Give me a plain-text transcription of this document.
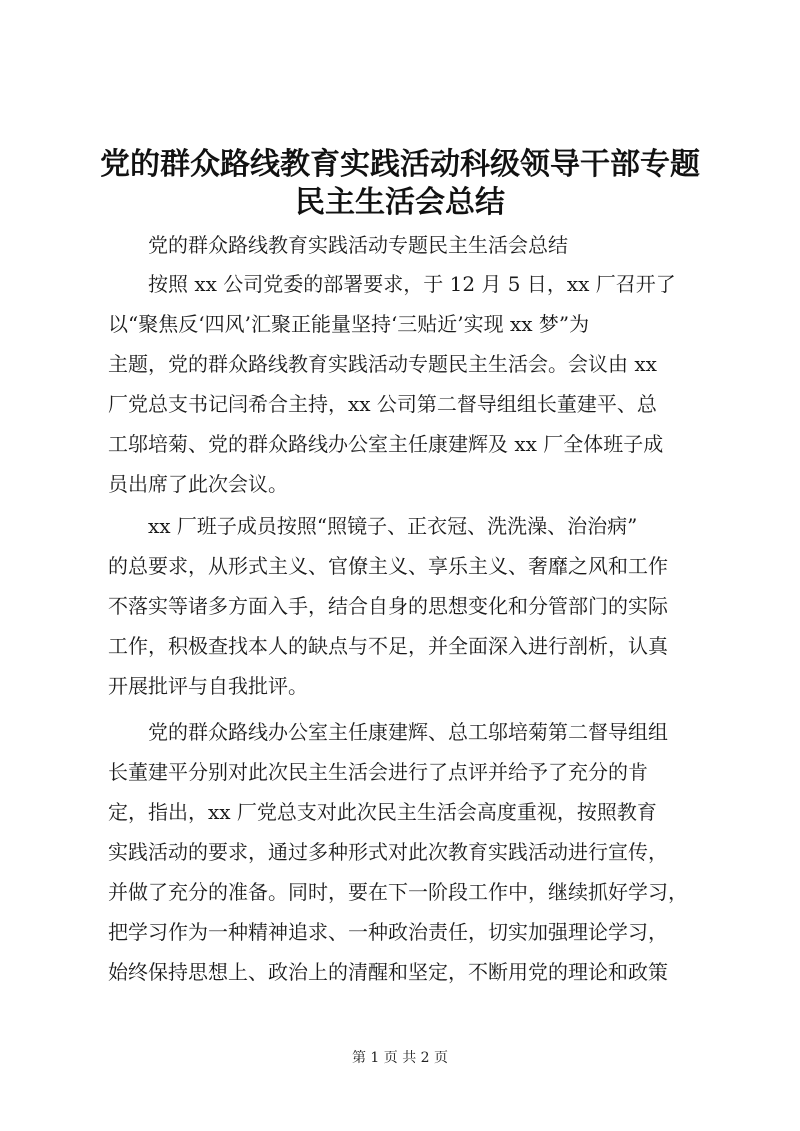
党的群众路线教育实践活动科级领导干部专题
民主生活会总结

党的群众路线教育实践活动专题民主生活会总结

按照 xx 公司党委的部署要求，于 12 月 5 日，xx 厂召开了
以“聚焦反‘四风’汇聚正能量坚持‘三贴近’实现 xx 梦”为
主题，党的群众路线教育实践活动专题民主生活会。会议由 xx
厂党总支书记闫希合主持，xx 公司第二督导组组长董建平、总
工邬培菊、党的群众路线办公室主任康建辉及 xx 厂全体班子成
员出席了此次会议。

xx 厂班子成员按照“照镜子、正衣冠、洗洗澡、治治病”
的总要求，从形式主义、官僚主义、享乐主义、奢靡之风和工作
不落实等诸多方面入手，结合自身的思想变化和分管部门的实际
工作，积极查找本人的缺点与不足，并全面深入进行剖析，认真
开展批评与自我批评。

党的群众路线办公室主任康建辉、总工邬培菊第二督导组组
长董建平分别对此次民主生活会进行了点评并给予了充分的肯
定，指出，xx 厂党总支对此次民主生活会高度重视，按照教育
实践活动的要求，通过多种形式对此次教育实践活动进行宣传，
并做了充分的准备。同时，要在下一阶段工作中，继续抓好学习，
把学习作为一种精神追求、一种政治责任，切实加强理论学习，
始终保持思想上、政治上的清醒和坚定，不断用党的理论和政策

第 1 页 共 2 页
